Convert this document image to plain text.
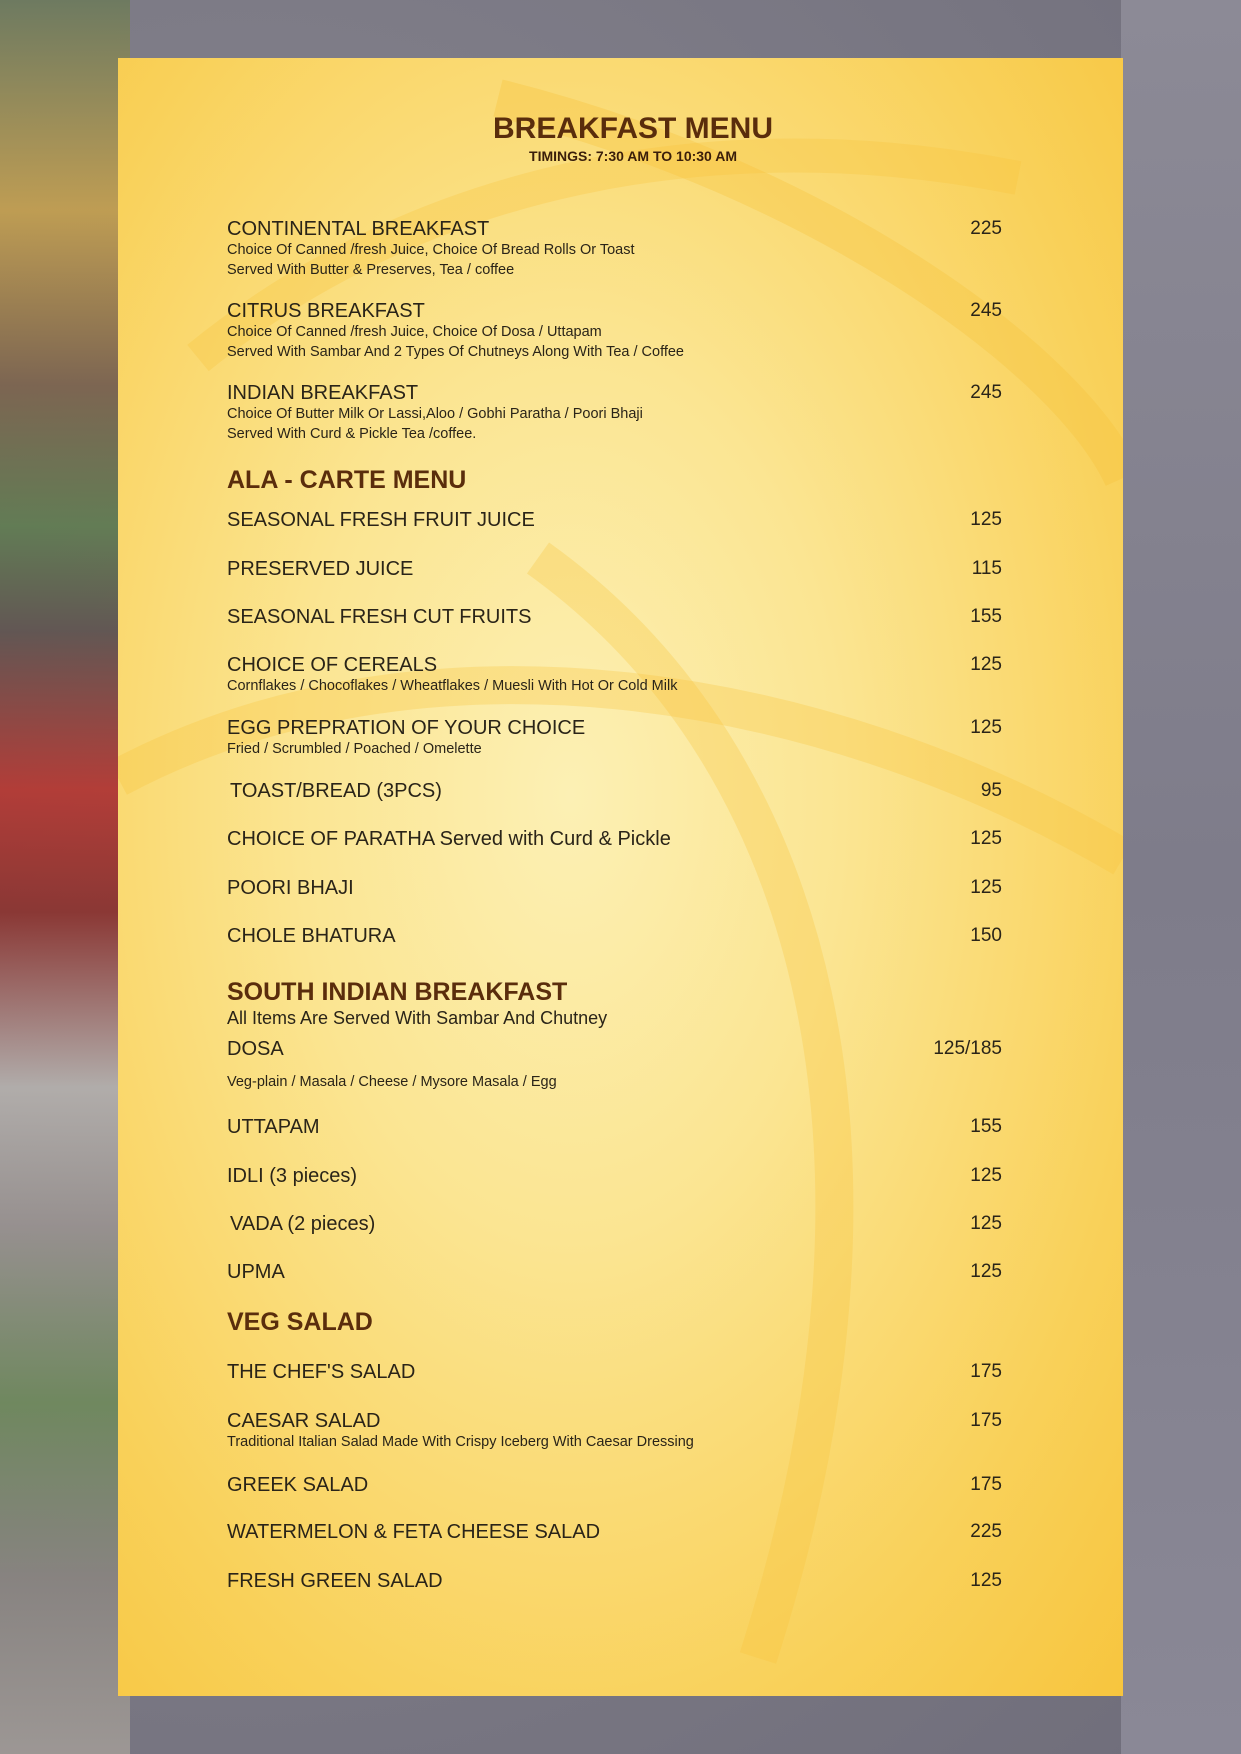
BREAKFAST MENU
TIMINGS: 7:30 AM TO 10:30 AM
CONTINENTAL BREAKFAST
Choice Of Canned /fresh Juice, Choice Of Bread Rolls Or Toast
Served With Butter & Preserves, Tea / coffee
225
CITRUS BREAKFAST
Choice Of Canned /fresh Juice, Choice Of Dosa / Uttapam
Served With Sambar And 2 Types Of Chutneys Along With Tea / Coffee
245
INDIAN BREAKFAST
Choice Of Butter Milk Or Lassi,Aloo / Gobhi Paratha / Poori Bhaji
Served With Curd & Pickle Tea /coffee.
245
ALA - CARTE MENU
SEASONAL FRESH FRUIT JUICE	125
PRESERVED JUICE	115
SEASONAL FRESH CUT FRUITS	155
CHOICE OF CEREALS
Cornflakes / Chocoflakes / Wheatflakes / Muesli With Hot Or Cold Milk
125
EGG PREPRATION OF YOUR CHOICE
Fried / Scrumbled / Poached / Omelette
125
TOAST/BREAD (3PCS)	95
CHOICE OF PARATHA Served with Curd & Pickle	125
POORI BHAJI	125
CHOLE BHATURA	150
SOUTH INDIAN BREAKFAST
All Items Are Served With Sambar And Chutney
DOSA
Veg-plain / Masala / Cheese / Mysore Masala / Egg
125/185
UTTAPAM	155
IDLI (3 pieces)	125
VADA (2 pieces)	125
UPMA	125
VEG SALAD
THE CHEF'S SALAD	175
CAESAR SALAD
Traditional Italian Salad Made With Crispy Iceberg With Caesar Dressing
175
GREEK SALAD	175
WATERMELON & FETA CHEESE SALAD	225
FRESH GREEN SALAD	125
